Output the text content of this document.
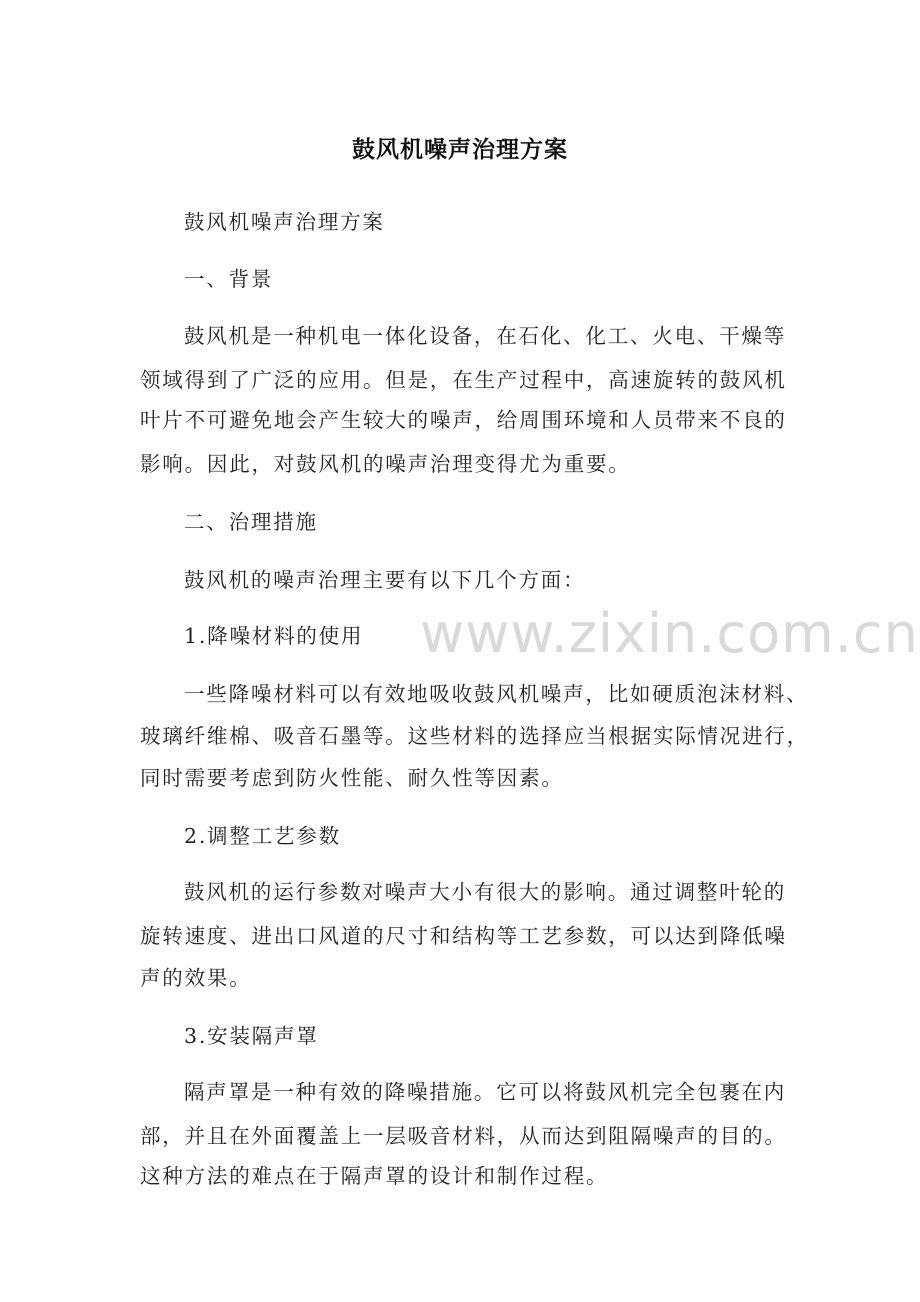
www.zixin.com.cn
鼓风机噪声治理方案
鼓风机噪声治理方案
一、背景
鼓风机是一种机电一体化设备，在石化、化工、火电、干燥等
领域得到了广泛的应用。但是，在生产过程中，高速旋转的鼓风机
叶片不可避免地会产生较大的噪声，给周围环境和人员带来不良的
影响。因此，对鼓风机的噪声治理变得尤为重要。
二、治理措施
鼓风机的噪声治理主要有以下几个方面：
1.降噪材料的使用
一些降噪材料可以有效地吸收鼓风机噪声，比如硬质泡沫材料、
玻璃纤维棉、吸音石墨等。这些材料的选择应当根据实际情况进行，
同时需要考虑到防火性能、耐久性等因素。
2.调整工艺参数
鼓风机的运行参数对噪声大小有很大的影响。通过调整叶轮的
旋转速度、进出口风道的尺寸和结构等工艺参数，可以达到降低噪
声的效果。
3.安装隔声罩
隔声罩是一种有效的降噪措施。它可以将鼓风机完全包裹在内
部，并且在外面覆盖上一层吸音材料，从而达到阻隔噪声的目的。
这种方法的难点在于隔声罩的设计和制作过程。
